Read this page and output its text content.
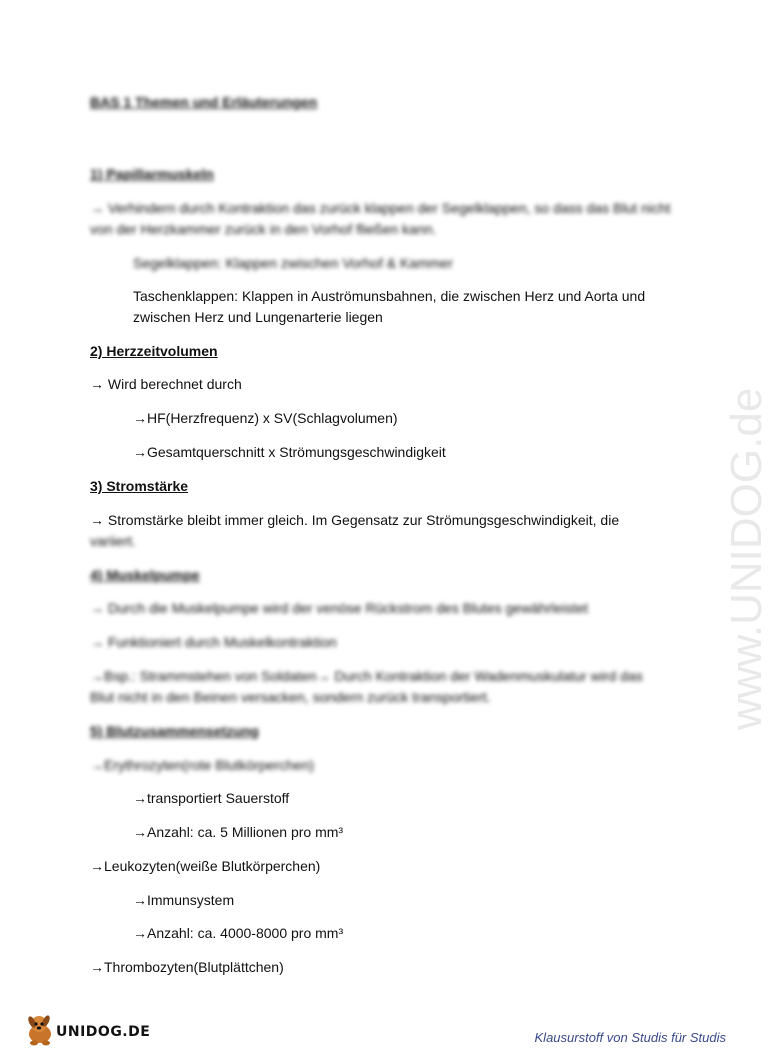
www.UNIDOG.de
BAS 1 Themen und Erläuterungen
1) Papillarmuskeln
→ Verhindern durch Kontraktion das zurück klappen der Segelklappen, so dass das Blut nicht
von der Herzkammer zurück in den Vorhof fließen kann.
Segelklappen: Klappen zwischen Vorhof & Kammer
Taschenklappen: Klappen in Auströmunsbahnen, die zwischen Herz und Aorta und
zwischen Herz und Lungenarterie liegen
2) Herzzeitvolumen
→ Wird berechnet durch
→HF(Herzfrequenz) x SV(Schlagvolumen)
→Gesamtquerschnitt x Strömungsgeschwindigkeit
3) Stromstärke
→ Stromstärke bleibt immer gleich. Im Gegensatz zur Strömungsgeschwindigkeit, die
variiert.
4) Muskelpumpe
→ Durch die Muskelpumpe wird der venöse Rückstrom des Blutes gewährleistet
→ Funktioniert durch Muskelkontraktion
→Bsp.: Strammstehen von Soldaten→ Durch Kontraktion der Wadenmuskulatur wird das
Blut nicht in den Beinen versacken, sondern zurück transportiert.
5) Blutzusammensetzung
→Erythrozyten(rote Blutkörperchen)
→transportiert Sauerstoff
→Anzahl: ca. 5 Millionen pro mm³
→Leukozyten(weiße Blutkörperchen)
→Immunsystem
→Anzahl: ca. 4000-8000 pro mm³
→Thrombozyten(Blutplättchen)
UNIDOG.DE	Klausurstoff von Studis für Studis
